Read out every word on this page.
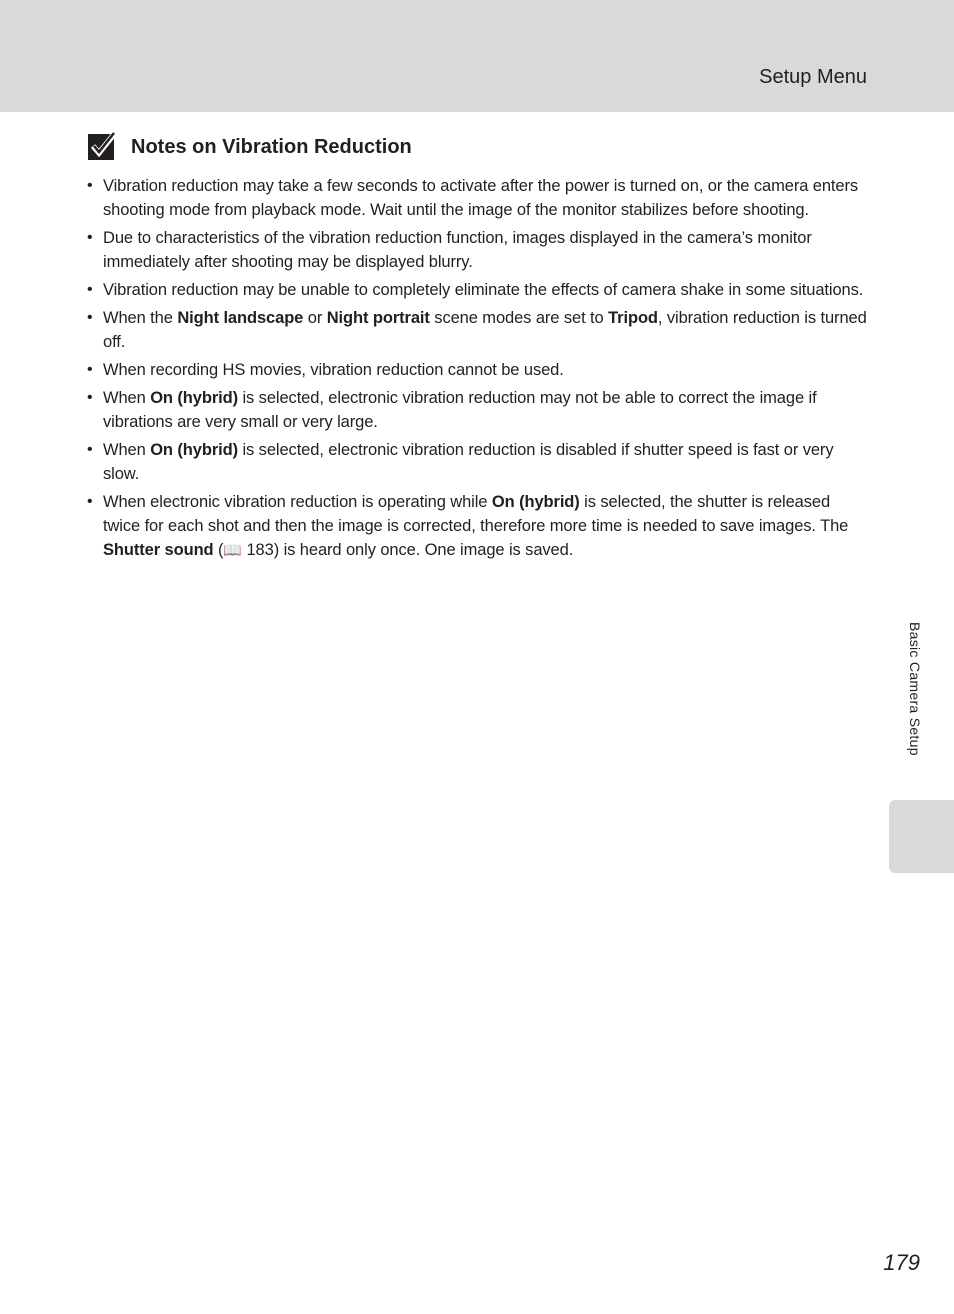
Setup Menu
Notes on Vibration Reduction
• Vibration reduction may take a few seconds to activate after the power is turned on, or the camera enters shooting mode from playback mode. Wait until the image of the monitor stabilizes before shooting.
• Due to characteristics of the vibration reduction function, images displayed in the camera’s monitor immediately after shooting may be displayed blurry.
• Vibration reduction may be unable to completely eliminate the effects of camera shake in some situations.
• When the Night landscape or Night portrait scene modes are set to Tripod, vibration reduction is turned off.
• When recording HS movies, vibration reduction cannot be used.
• When On (hybrid) is selected, electronic vibration reduction may not be able to correct the image if vibrations are very small or very large.
• When On (hybrid) is selected, electronic vibration reduction is disabled if shutter speed is fast or very slow.
• When electronic vibration reduction is operating while On (hybrid) is selected, the shutter is released twice for each shot and then the image is corrected, therefore more time is needed to save images. The Shutter sound (📖 183) is heard only once. One image is saved.
Basic Camera Setup
179
